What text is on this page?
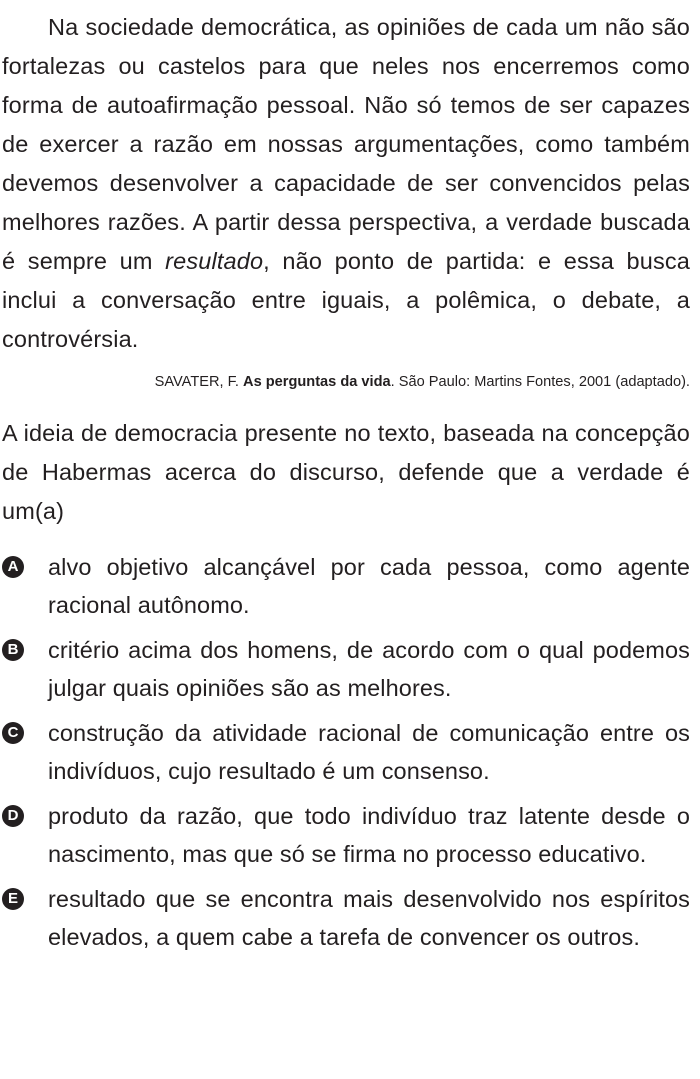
Na sociedade democrática, as opiniões de cada um não são fortalezas ou castelos para que neles nos encerremos como forma de autoafirmação pessoal. Não só temos de ser capazes de exercer a razão em nossas argumentações, como também devemos desenvolver a capacidade de ser convencidos pelas melhores razões. A partir dessa perspectiva, a verdade buscada é sempre um resultado, não ponto de partida: e essa busca inclui a conversação entre iguais, a polêmica, o debate, a controvérsia.

SAVATER, F. As perguntas da vida. São Paulo: Martins Fontes, 2001 (adaptado).

A ideia de democracia presente no texto, baseada na concepção de Habermas acerca do discurso, defende que a verdade é um(a)

A alvo objetivo alcançável por cada pessoa, como agente racional autônomo.
B critério acima dos homens, de acordo com o qual podemos julgar quais opiniões são as melhores.
C construção da atividade racional de comunicação entre os indivíduos, cujo resultado é um consenso.
D produto da razão, que todo indivíduo traz latente desde o nascimento, mas que só se firma no processo educativo.
E resultado que se encontra mais desenvolvido nos espíritos elevados, a quem cabe a tarefa de convencer os outros.
